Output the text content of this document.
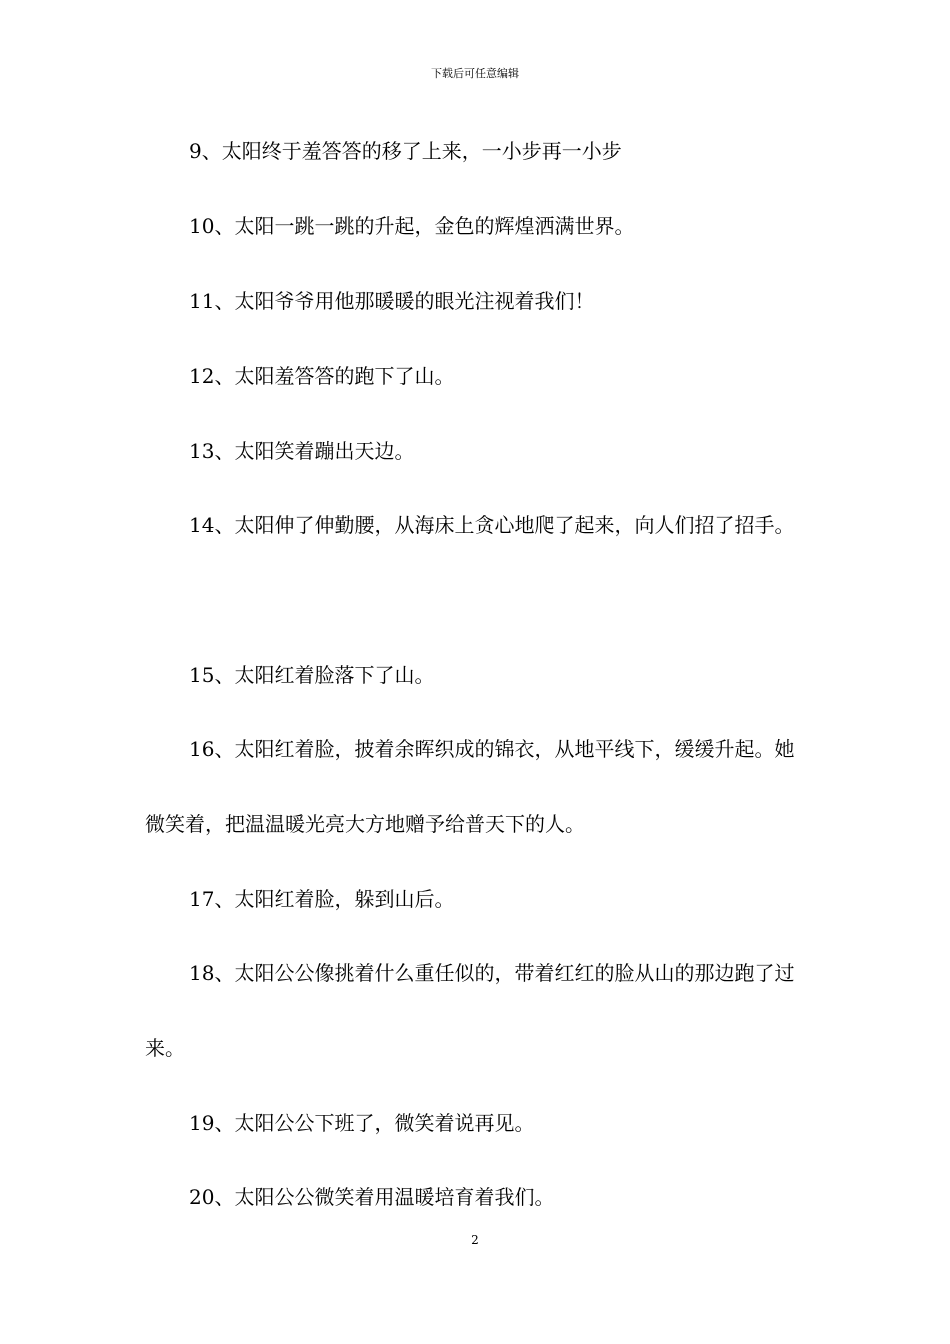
下载后可任意编辑

9、太阳终于羞答答的移了上来，一小步再一小步

10、太阳一跳一跳的升起，金色的辉煌洒满世界。

11、太阳爷爷用他那暖暖的眼光注视着我们！

12、太阳羞答答的跑下了山。

13、太阳笑着蹦出天边。

14、太阳伸了伸勤腰，从海床上贪心地爬了起来，向人们招了招手。

15、太阳红着脸落下了山。

16、太阳红着脸，披着余晖织成的锦衣，从地平线下，缓缓升起。她微笑着，把温温暖光亮大方地赠予给普天下的人。

17、太阳红着脸，躲到山后。

18、太阳公公像挑着什么重任似的，带着红红的脸从山的那边跑了过来。

19、太阳公公下班了，微笑着说再见。

20、太阳公公微笑着用温暖培育着我们。

2
